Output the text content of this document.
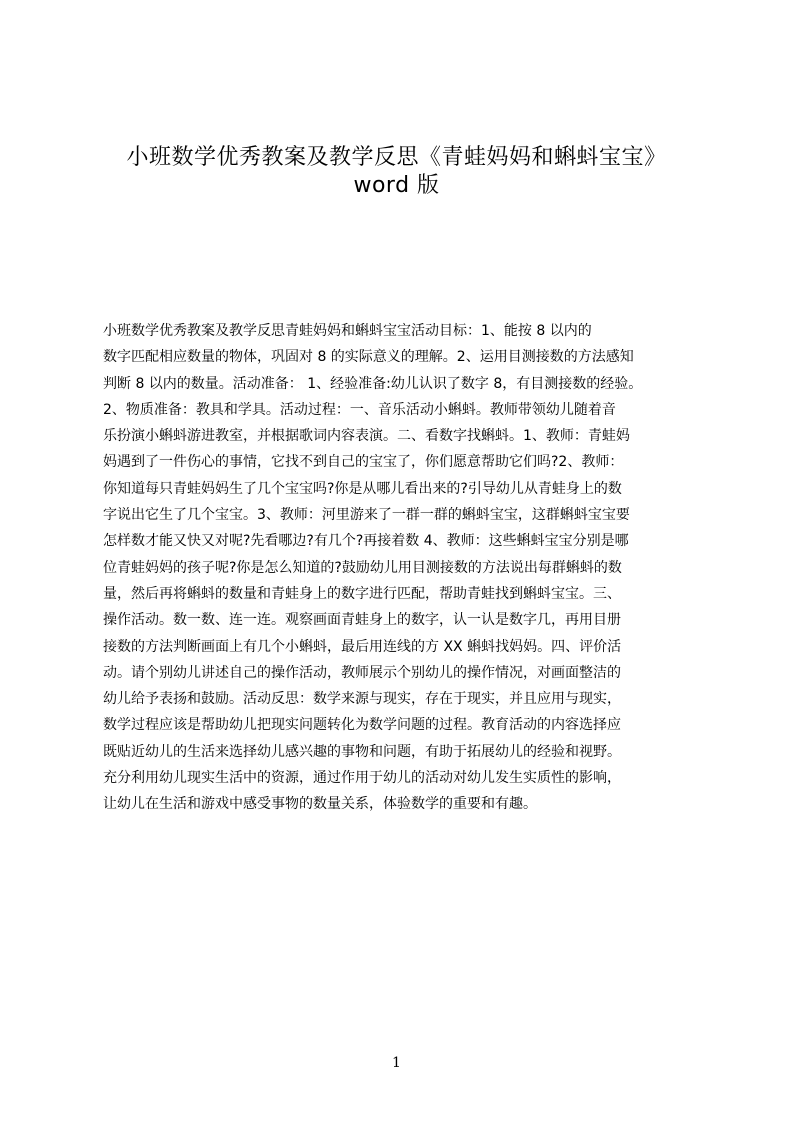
小班数学优秀教案及教学反思《青蛙妈妈和蝌蚪宝宝》
word 版
小班数学优秀教案及教学反思青蛙妈妈和蝌蚪宝宝活动目标：1、能按 8 以内的
数字匹配相应数量的物体，巩固对 8 的实际意义的理解。2、运用目测接数的方法感知
判断 8 以内的数量。活动准备： 1、经验准备:幼儿认识了数字 8，有目测接数的经验。
2、物质准备：教具和学具。活动过程：一、音乐活动小蝌蚪。教师带领幼儿随着音
乐扮演小蝌蚪游进教室，并根据歌词内容表演。二、看数字找蝌蚪。1、教师：青蛙妈
妈遇到了一件伤心的事情，它找不到自己的宝宝了，你们愿意帮助它们吗?2、教师：
你知道每只青蛙妈妈生了几个宝宝吗?你是从哪儿看出来的?引导幼儿从青蛙身上的数
字说出它生了几个宝宝。3、教师：河里游来了一群一群的蝌蚪宝宝，这群蝌蚪宝宝要
怎样数才能又快又对呢?先看哪边?有几个?再接着数 4、教师：这些蝌蚪宝宝分别是哪
位青蛙妈妈的孩子呢?你是怎么知道的?鼓励幼儿用目测接数的方法说出每群蝌蚪的数
量，然后再将蝌蚪的数量和青蛙身上的数字进行匹配，帮助青蛙找到蝌蚪宝宝。三、
操作活动。数一数、连一连。观察画面青蛙身上的数字，认一认是数字几，再用目册
接数的方法判断画面上有几个小蝌蚪，最后用连线的方 XX 蝌蚪找妈妈。四、评价活
动。请个别幼儿讲述自己的操作活动，教师展示个别幼儿的操作情况，对画面整洁的
幼儿给予表扬和鼓励。活动反思：数学来源与现实，存在于现实，并且应用与现实，
数学过程应该是帮助幼儿把现实问题转化为数学问题的过程。教育活动的内容选择应
既贴近幼儿的生活来选择幼儿感兴趣的事物和问题，有助于拓展幼儿的经验和视野。
充分利用幼儿现实生活中的资源，通过作用于幼儿的活动对幼儿发生实质性的影响，
让幼儿在生活和游戏中感受事物的数量关系，体验数学的重要和有趣。
1
